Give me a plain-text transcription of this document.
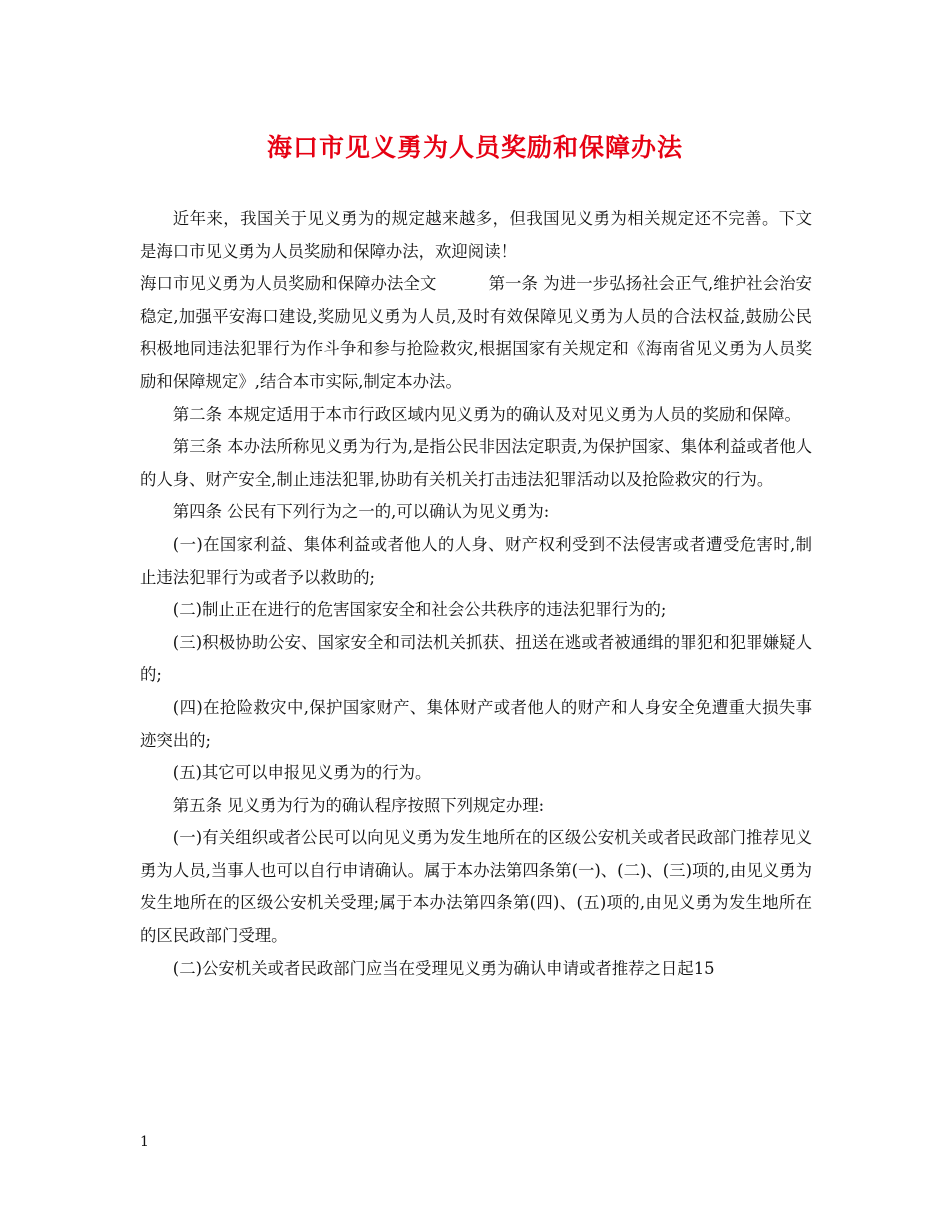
海口市见义勇为人员奖励和保障办法

近年来，我国关于见义勇为的规定越来越多，但我国见义勇为相关规定还不完善。下文是海口市见义勇为人员奖励和保障办法，欢迎阅读！

海口市见义勇为人员奖励和保障办法全文	第一条 为进一步弘扬社会正气,维护社会治安稳定,加强平安海口建设,奖励见义勇为人员,及时有效保障见义勇为人员的合法权益,鼓励公民积极地同违法犯罪行为作斗争和参与抢险救灾,根据国家有关规定和《海南省见义勇为人员奖励和保障规定》,结合本市实际,制定本办法。

第二条 本规定适用于本市行政区域内见义勇为的确认及对见义勇为人员的奖励和保障。

第三条 本办法所称见义勇为行为,是指公民非因法定职责,为保护国家、集体利益或者他人的人身、财产安全,制止违法犯罪,协助有关机关打击违法犯罪活动以及抢险救灾的行为。

第四条 公民有下列行为之一的,可以确认为见义勇为:

(一)在国家利益、集体利益或者他人的人身、财产权利受到不法侵害或者遭受危害时,制止违法犯罪行为或者予以救助的;

(二)制止正在进行的危害国家安全和社会公共秩序的违法犯罪行为的;

(三)积极协助公安、国家安全和司法机关抓获、扭送在逃或者被通缉的罪犯和犯罪嫌疑人的;

(四)在抢险救灾中,保护国家财产、集体财产或者他人的财产和人身安全免遭重大损失事迹突出的;

(五)其它可以申报见义勇为的行为。

第五条 见义勇为行为的确认程序按照下列规定办理:

(一)有关组织或者公民可以向见义勇为发生地所在的区级公安机关或者民政部门推荐见义勇为人员,当事人也可以自行申请确认。属于本办法第四条第(一)、(二)、(三)项的,由见义勇为发生地所在的区级公安机关受理;属于本办法第四条第(四)、(五)项的,由见义勇为发生地所在的区民政部门受理。

(二)公安机关或者民政部门应当在受理见义勇为确认申请或者推荐之日起15

1
